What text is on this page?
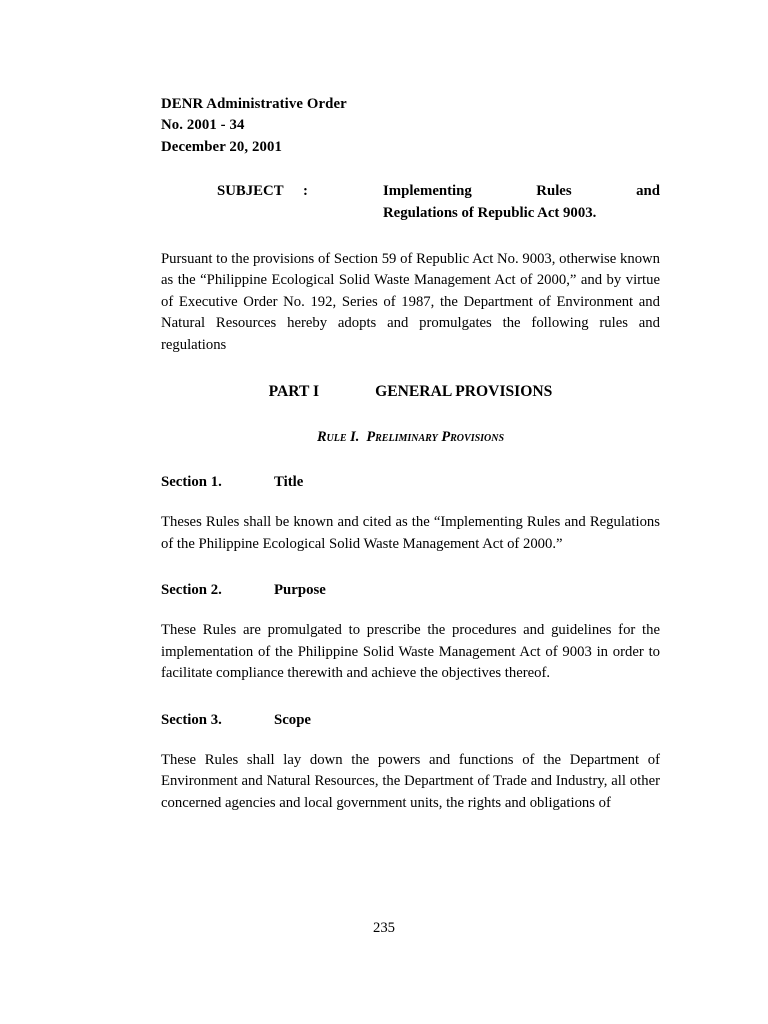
DENR Administrative Order
No. 2001 - 34
December 20, 2001
SUBJECT	:	Implementing Rules and
Regulations of Republic Act 9003.

Pursuant to the provisions of Section 59 of Republic Act No. 9003, otherwise known as the “Philippine Ecological Solid Waste Management Act of 2000,” and by virtue of Executive Order No. 192, Series of 1987, the Department of Environment and Natural Resources hereby adopts and promulgates the following rules and regulations

PART I	GENERAL PROVISIONS
Rule I. Preliminary Provisions
Section 1.	Title

Theses Rules shall be known and cited as the “Implementing Rules and Regulations of the Philippine Ecological Solid Waste Management Act of 2000.”

Section 2.	Purpose

These Rules are promulgated to prescribe the procedures and guidelines for the implementation of the Philippine Solid Waste Management Act of 9003 in order to facilitate compliance therewith and achieve the objectives thereof.

Section 3.	Scope

These Rules shall lay down the powers and functions of the Department of Environment and Natural Resources, the Department of Trade and Industry, all other concerned agencies and local government units, the rights and obligations of

235
